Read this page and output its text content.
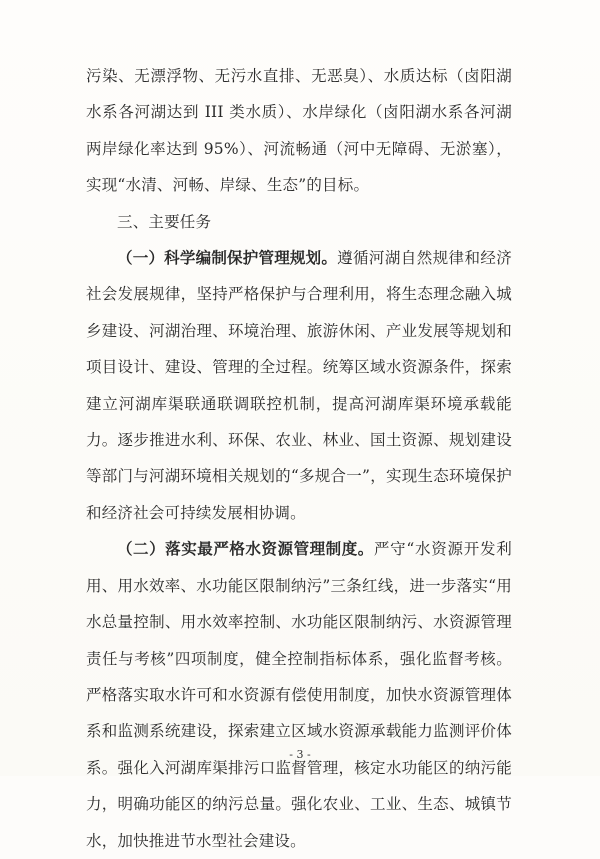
污染、无漂浮物、无污水直排、无恶臭）、水质达标（卤阳湖水系各河湖达到 III 类水质）、水岸绿化（卤阳湖水系各河湖两岸绿化率达到 95%）、河流畅通（河中无障碍、无淤塞），实现“水清、河畅、岸绿、生态”的目标。

三、主要任务

（一）科学编制保护管理规划。遵循河湖自然规律和经济社会发展规律，坚持严格保护与合理利用，将生态理念融入城乡建设、河湖治理、环境治理、旅游休闲、产业发展等规划和项目设计、建设、管理的全过程。统筹区域水资源条件，探索建立河湖库渠联通联调联控机制，提高河湖库渠环境承载能力。逐步推进水利、环保、农业、林业、国土资源、规划建设等部门与河湖环境相关规划的“多规合一”，实现生态环境保护和经济社会可持续发展相协调。

（二）落实最严格水资源管理制度。严守“水资源开发利用、用水效率、水功能区限制纳污”三条红线，进一步落实“用水总量控制、用水效率控制、水功能区限制纳污、水资源管理责任与考核”四项制度，健全控制指标体系，强化监督考核。严格落实取水许可和水资源有偿使用制度，加快水资源管理体系和监测系统建设，探索建立区域水资源承载能力监测评价体系。强化入河湖库渠排污口监督管理，核定水功能区的纳污能力，明确功能区的纳污总量。强化农业、工业、生态、城镇节水，加快推进节水型社会建设。

- 3 -
